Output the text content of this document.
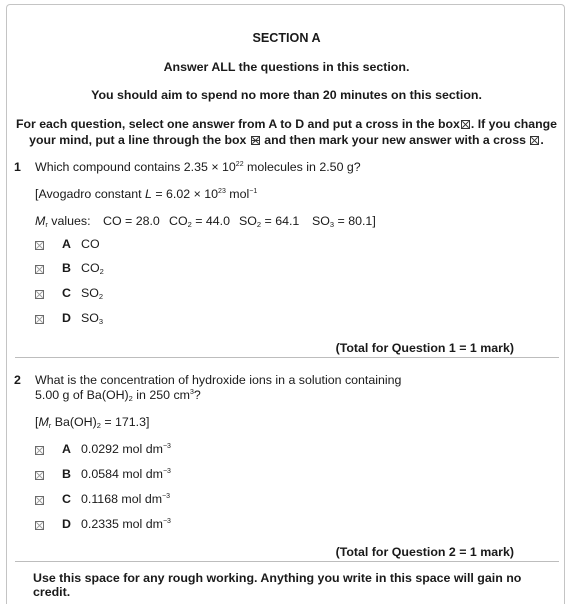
SECTION A
Answer ALL the questions in this section.
You should aim to spend no more than 20 minutes on this section.
For each question, select one answer from A to D and put a cross in the box☒. If you change
your mind, put a line through the box and then mark your new answer with a cross ☒.
1 Which compound contains $2.35 \times 10^{22}$ molecules in 2.50 g?
[Avogadro constant $L = 6.02 \times 10^{23}$ mol$^{-1}$
$M_r$ values: CO = 28.0 $CO_2 = 44.0$ $SO_2 = 64.1$ $SO_3 = 80.1$]
A CO
B $CO_2$
C $SO_2$
D $SO_3$
(Total for Question 1 = 1 mark)
2 What is the concentration of hydroxide ions in a solution containing
5.00 g of $Ba(OH)_2$ in 250 $cm^3$?
[$M_r$ $Ba(OH)_2 = 171.3$]
A 0.0292 mol $dm^{-3}$
B 0.0584 mol $dm^{-3}$
C 0.1168 mol $dm^{-3}$
D 0.2335 mol $dm^{-3}$
(Total for Question 2 = 1 mark)
Use this space for any rough working. Anything you write in this space will gain no credit.
